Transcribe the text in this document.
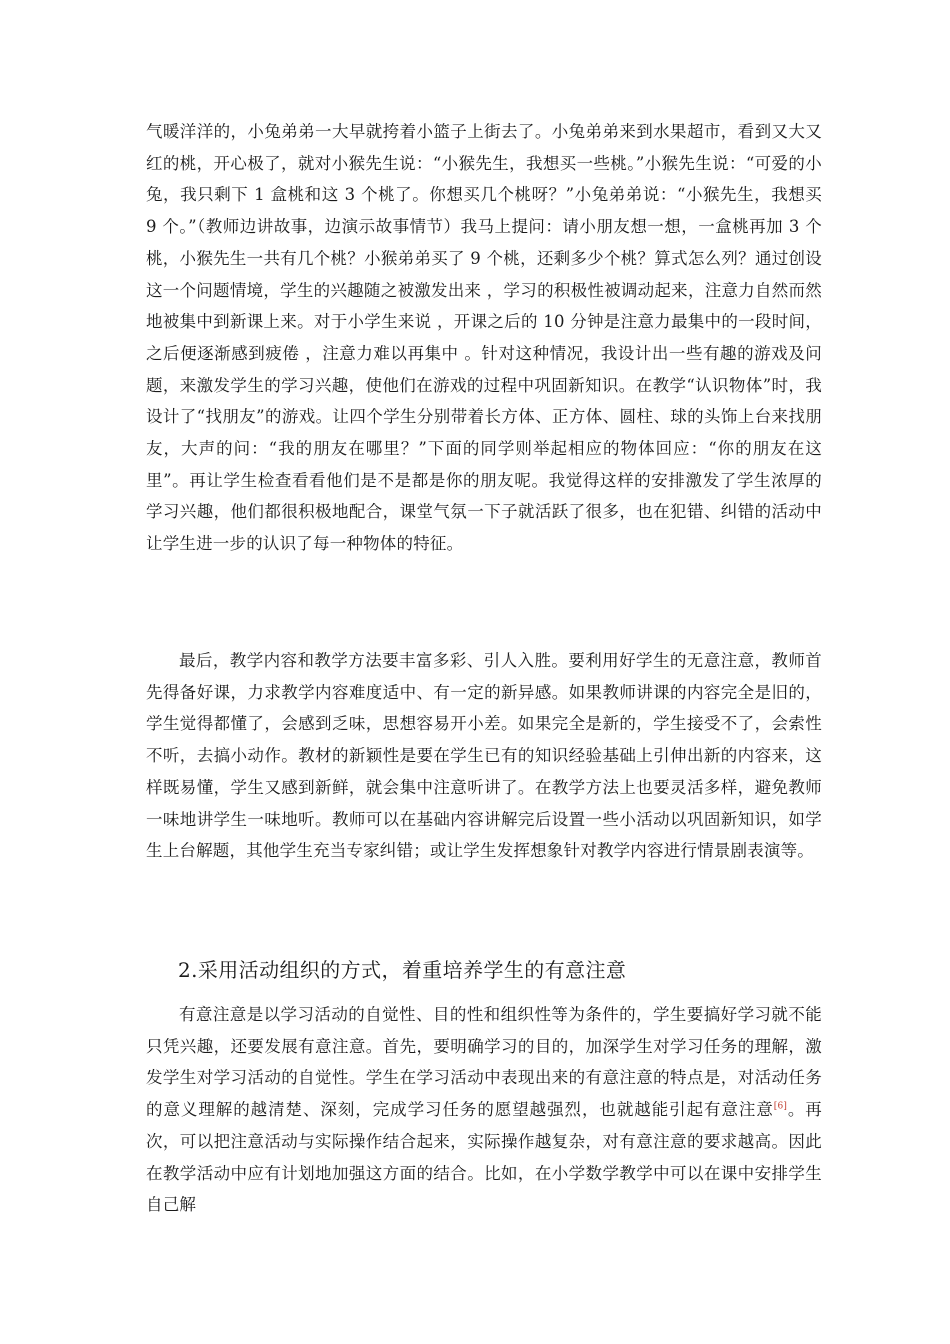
气暖洋洋的，小兔弟弟一大早就挎着小篮子上街去了。小兔弟弟来到水果超市，看到又大又红的桃，开心极了，就对小猴先生说：“小猴先生，我想买一些桃。”小猴先生说：“可爱的小兔，我只剩下 1 盒桃和这 3 个桃了。你想买几个桃呀？”小兔弟弟说：“小猴先生，我想买 9 个。”（教师边讲故事，边演示故事情节）我马上提问：请小朋友想一想，一盒桃再加 3 个桃，小猴先生一共有几个桃？小猴弟弟买了 9 个桃，还剩多少个桃？算式怎么列？通过创设这一个问题情境，学生的兴趣随之被激发出来 ，学习的积极性被调动起来，注意力自然而然地被集中到新课上来。对于小学生来说 ，开课之后的 10 分钟是注意力最集中的一段时间， 之后便逐渐感到疲倦 ，注意力难以再集中 。针对这种情况，我设计出一些有趣的游戏及问题，来激发学生的学习兴趣，使他们在游戏的过程中巩固新知识。在教学“认识物体”时，我设计了“找朋友”的游戏。让四个学生分别带着长方体、正方体、圆柱、球的头饰上台来找朋友，大声的问：“我的朋友在哪里？”下面的同学则举起相应的物体回应：“你的朋友在这里”。再让学生检查看看他们是不是都是你的朋友呢。我觉得这样的安排激发了学生浓厚的学习兴趣，他们都很积极地配合，课堂气氛一下子就活跃了很多，也在犯错、纠错的活动中让学生进一步的认识了每一种物体的特征。

最后，教学内容和教学方法要丰富多彩、引人入胜。要利用好学生的无意注意，教师首先得备好课，力求教学内容难度适中、有一定的新异感。如果教师讲课的内容完全是旧的，学生觉得都懂了，会感到乏味，思想容易开小差。如果完全是新的，学生接受不了，会索性不听，去搞小动作。教材的新颖性是要在学生已有的知识经验基础上引伸出新的内容来，这样既易懂，学生又感到新鲜，就会集中注意听讲了。在教学方法上也要灵活多样，避免教师一味地讲学生一味地听。教师可以在基础内容讲解完后设置一些小活动以巩固新知识，如学生上台解题，其他学生充当专家纠错；或让学生发挥想象针对教学内容进行情景剧表演等。

2.采用活动组织的方式，着重培养学生的有意注意

有意注意是以学习活动的自觉性、目的性和组织性等为条件的，学生要搞好学习就不能只凭兴趣，还要发展有意注意。首先，要明确学习的目的，加深学生对学习任务的理解，激发学生对学习活动的自觉性。学生在学习活动中表现出来的有意注意的特点是，对活动任务的意义理解的越清楚、深刻，完成学习任务的愿望越强烈，也就越能引起有意注意[6]。再次，可以把注意活动与实际操作结合起来，实际操作越复杂，对有意注意的要求越高。因此在教学活动中应有计划地加强这方面的结合。比如，在小学数学教学中可以在课中安排学生自己解
